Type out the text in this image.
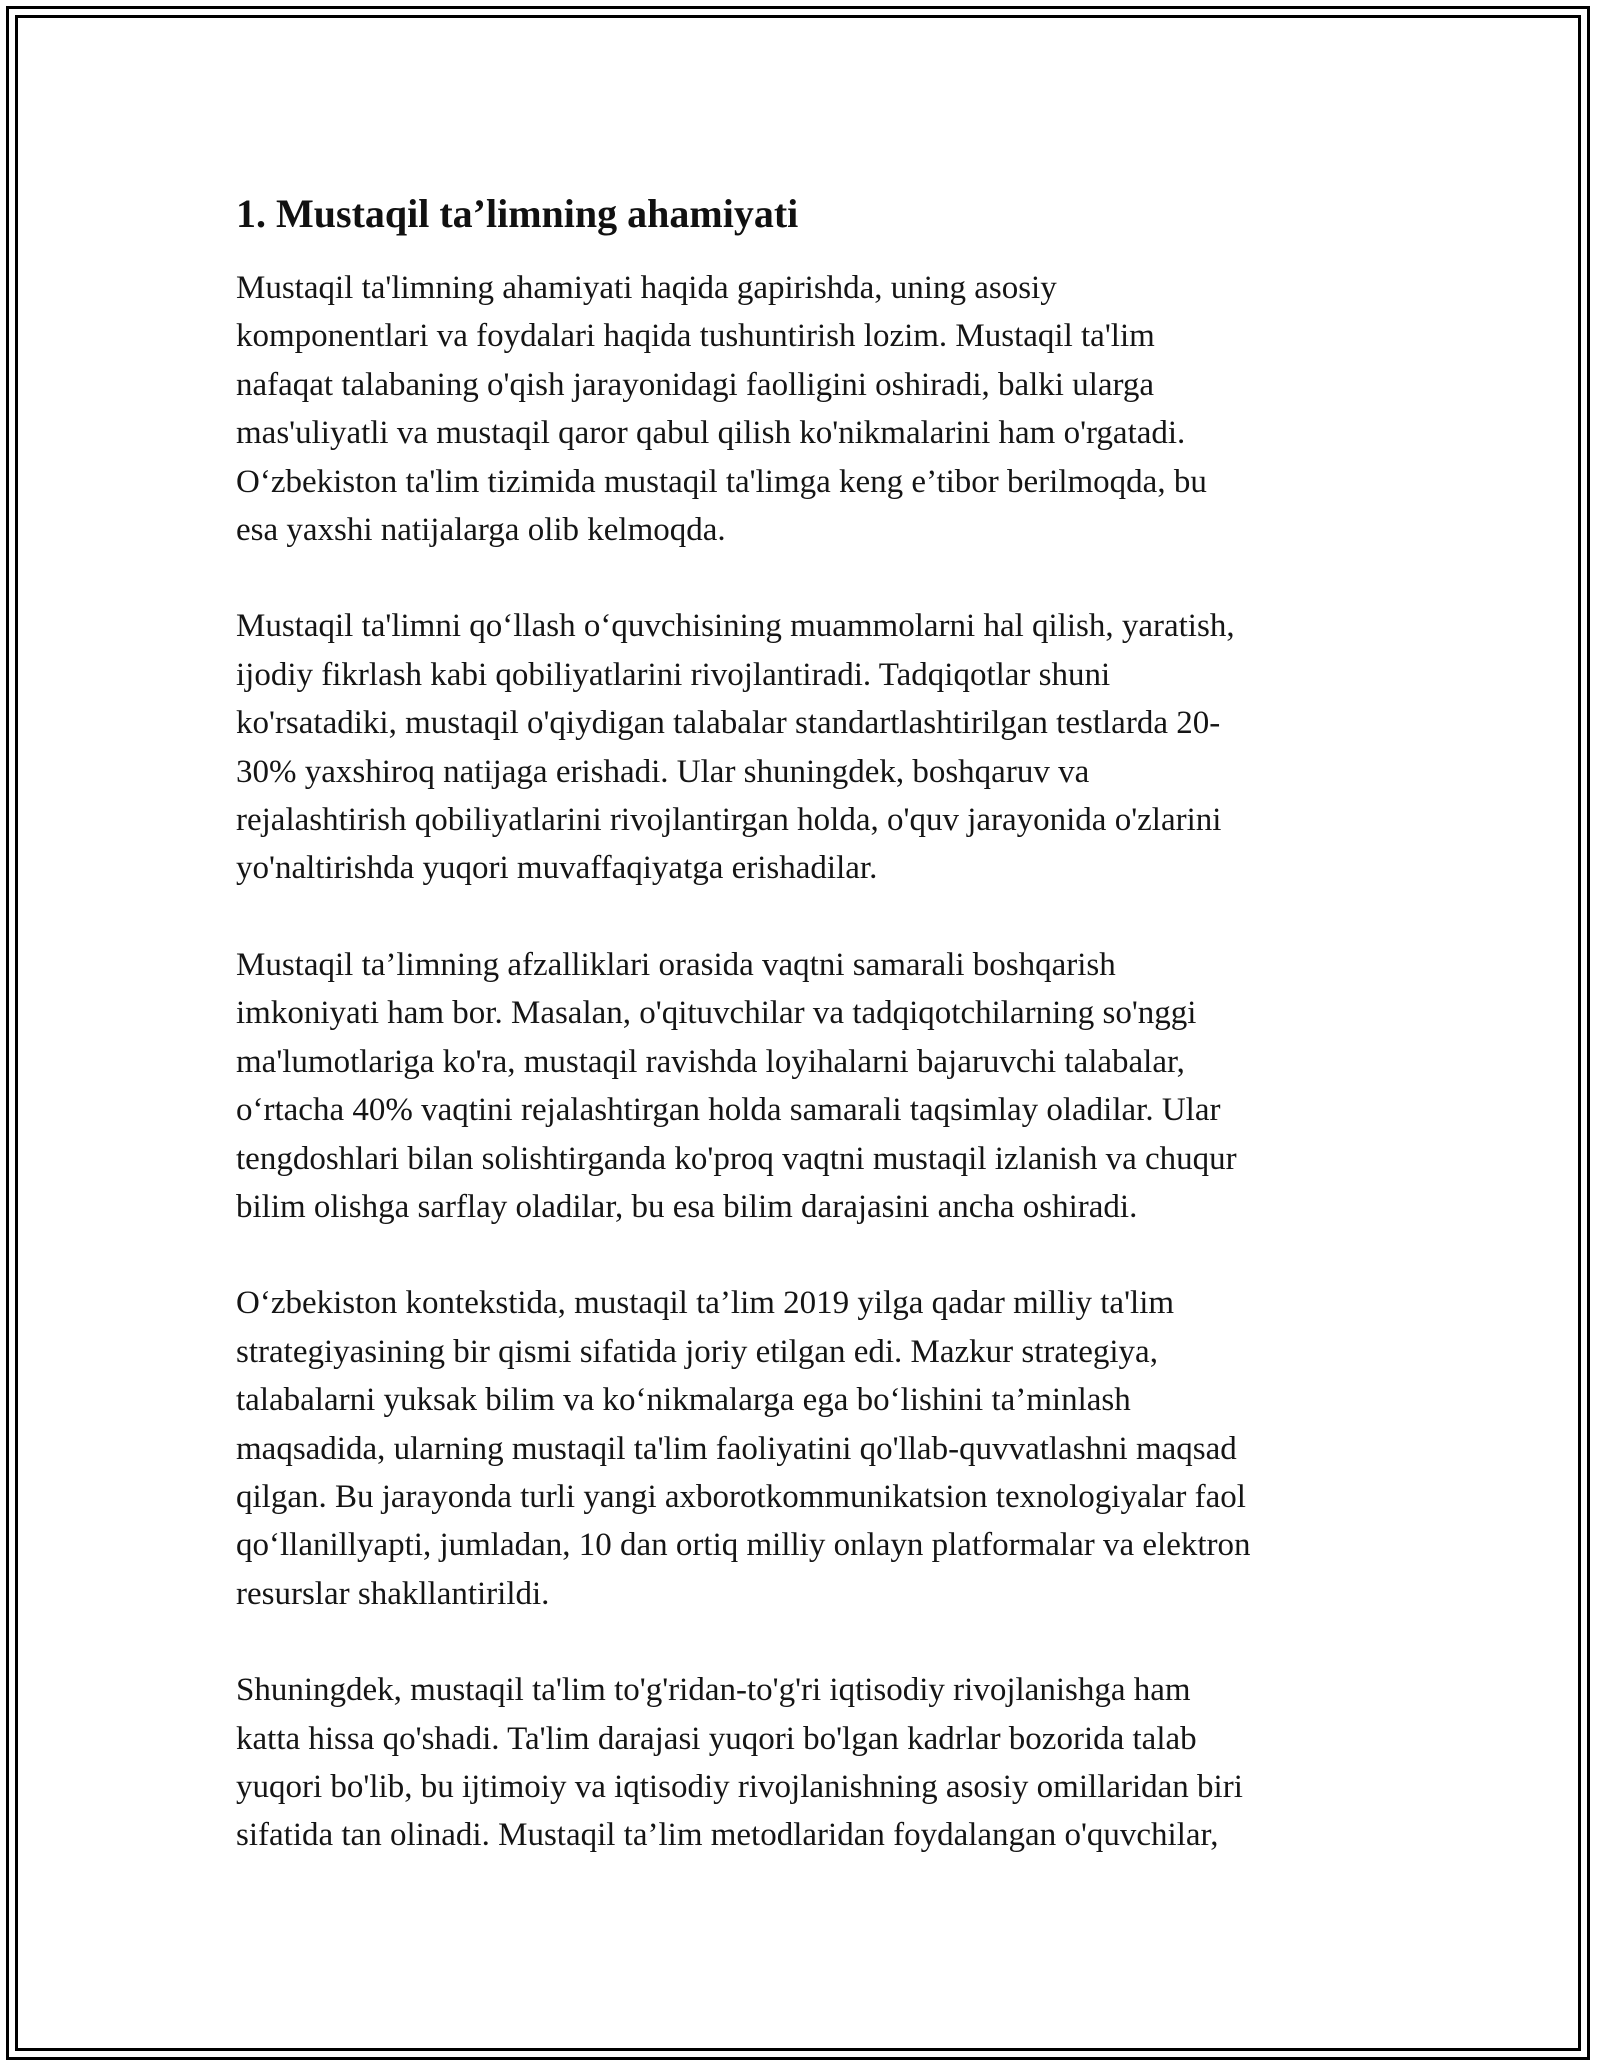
1. Mustaqil ta’limning ahamiyati
Mustaqil ta'limning ahamiyati haqida gapirishda, uning asosiy
komponentlari va foydalari haqida tushuntirish lozim. Mustaqil ta'lim
nafaqat talabaning o'qish jarayonidagi faolligini oshiradi, balki ularga
mas'uliyatli va mustaqil qaror qabul qilish ko'nikmalarini ham o'rgatadi.
O‘zbekiston ta'lim tizimida mustaqil ta'limga keng e’tibor berilmoqda, bu
esa yaxshi natijalarga olib kelmoqda.
Mustaqil ta'limni qo‘llash o‘quvchisining muammolarni hal qilish, yaratish,
ijodiy fikrlash kabi qobiliyatlarini rivojlantiradi. Tadqiqotlar shuni
ko'rsatadiki, mustaqil o'qiydigan talabalar standartlashtirilgan testlarda 20-
30% yaxshiroq natijaga erishadi. Ular shuningdek, boshqaruv va
rejalashtirish qobiliyatlarini rivojlantirgan holda, o'quv jarayonida o'zlarini
yo'naltirishda yuqori muvaffaqiyatga erishadilar.
Mustaqil ta’limning afzalliklari orasida vaqtni samarali boshqarish
imkoniyati ham bor. Masalan, o'qituvchilar va tadqiqotchilarning so'nggi
ma'lumotlariga ko'ra, mustaqil ravishda loyihalarni bajaruvchi talabalar,
o‘rtacha 40% vaqtini rejalashtirgan holda samarali taqsimlay oladilar. Ular
tengdoshlari bilan solishtirganda ko'proq vaqtni mustaqil izlanish va chuqur
bilim olishga sarflay oladilar, bu esa bilim darajasini ancha oshiradi.
O‘zbekiston kontekstida, mustaqil ta’lim 2019 yilga qadar milliy ta'lim
strategiyasining bir qismi sifatida joriy etilgan edi. Mazkur strategiya,
talabalarni yuksak bilim va ko‘nikmalarga ega bo‘lishini ta’minlash
maqsadida, ularning mustaqil ta'lim faoliyatini qo'llab-quvvatlashni maqsad
qilgan. Bu jarayonda turli yangi axborotkommunikatsion texnologiyalar faol
qo‘llanillyapti, jumladan, 10 dan ortiq milliy onlayn platformalar va elektron
resurslar shakllantirildi.
Shuningdek, mustaqil ta'lim to'g'ridan-to'g'ri iqtisodiy rivojlanishga ham
katta hissa qo'shadi. Ta'lim darajasi yuqori bo'lgan kadrlar bozorida talab
yuqori bo'lib, bu ijtimoiy va iqtisodiy rivojlanishning asosiy omillaridan biri
sifatida tan olinadi. Mustaqil ta’lim metodlaridan foydalangan o'quvchilar,
